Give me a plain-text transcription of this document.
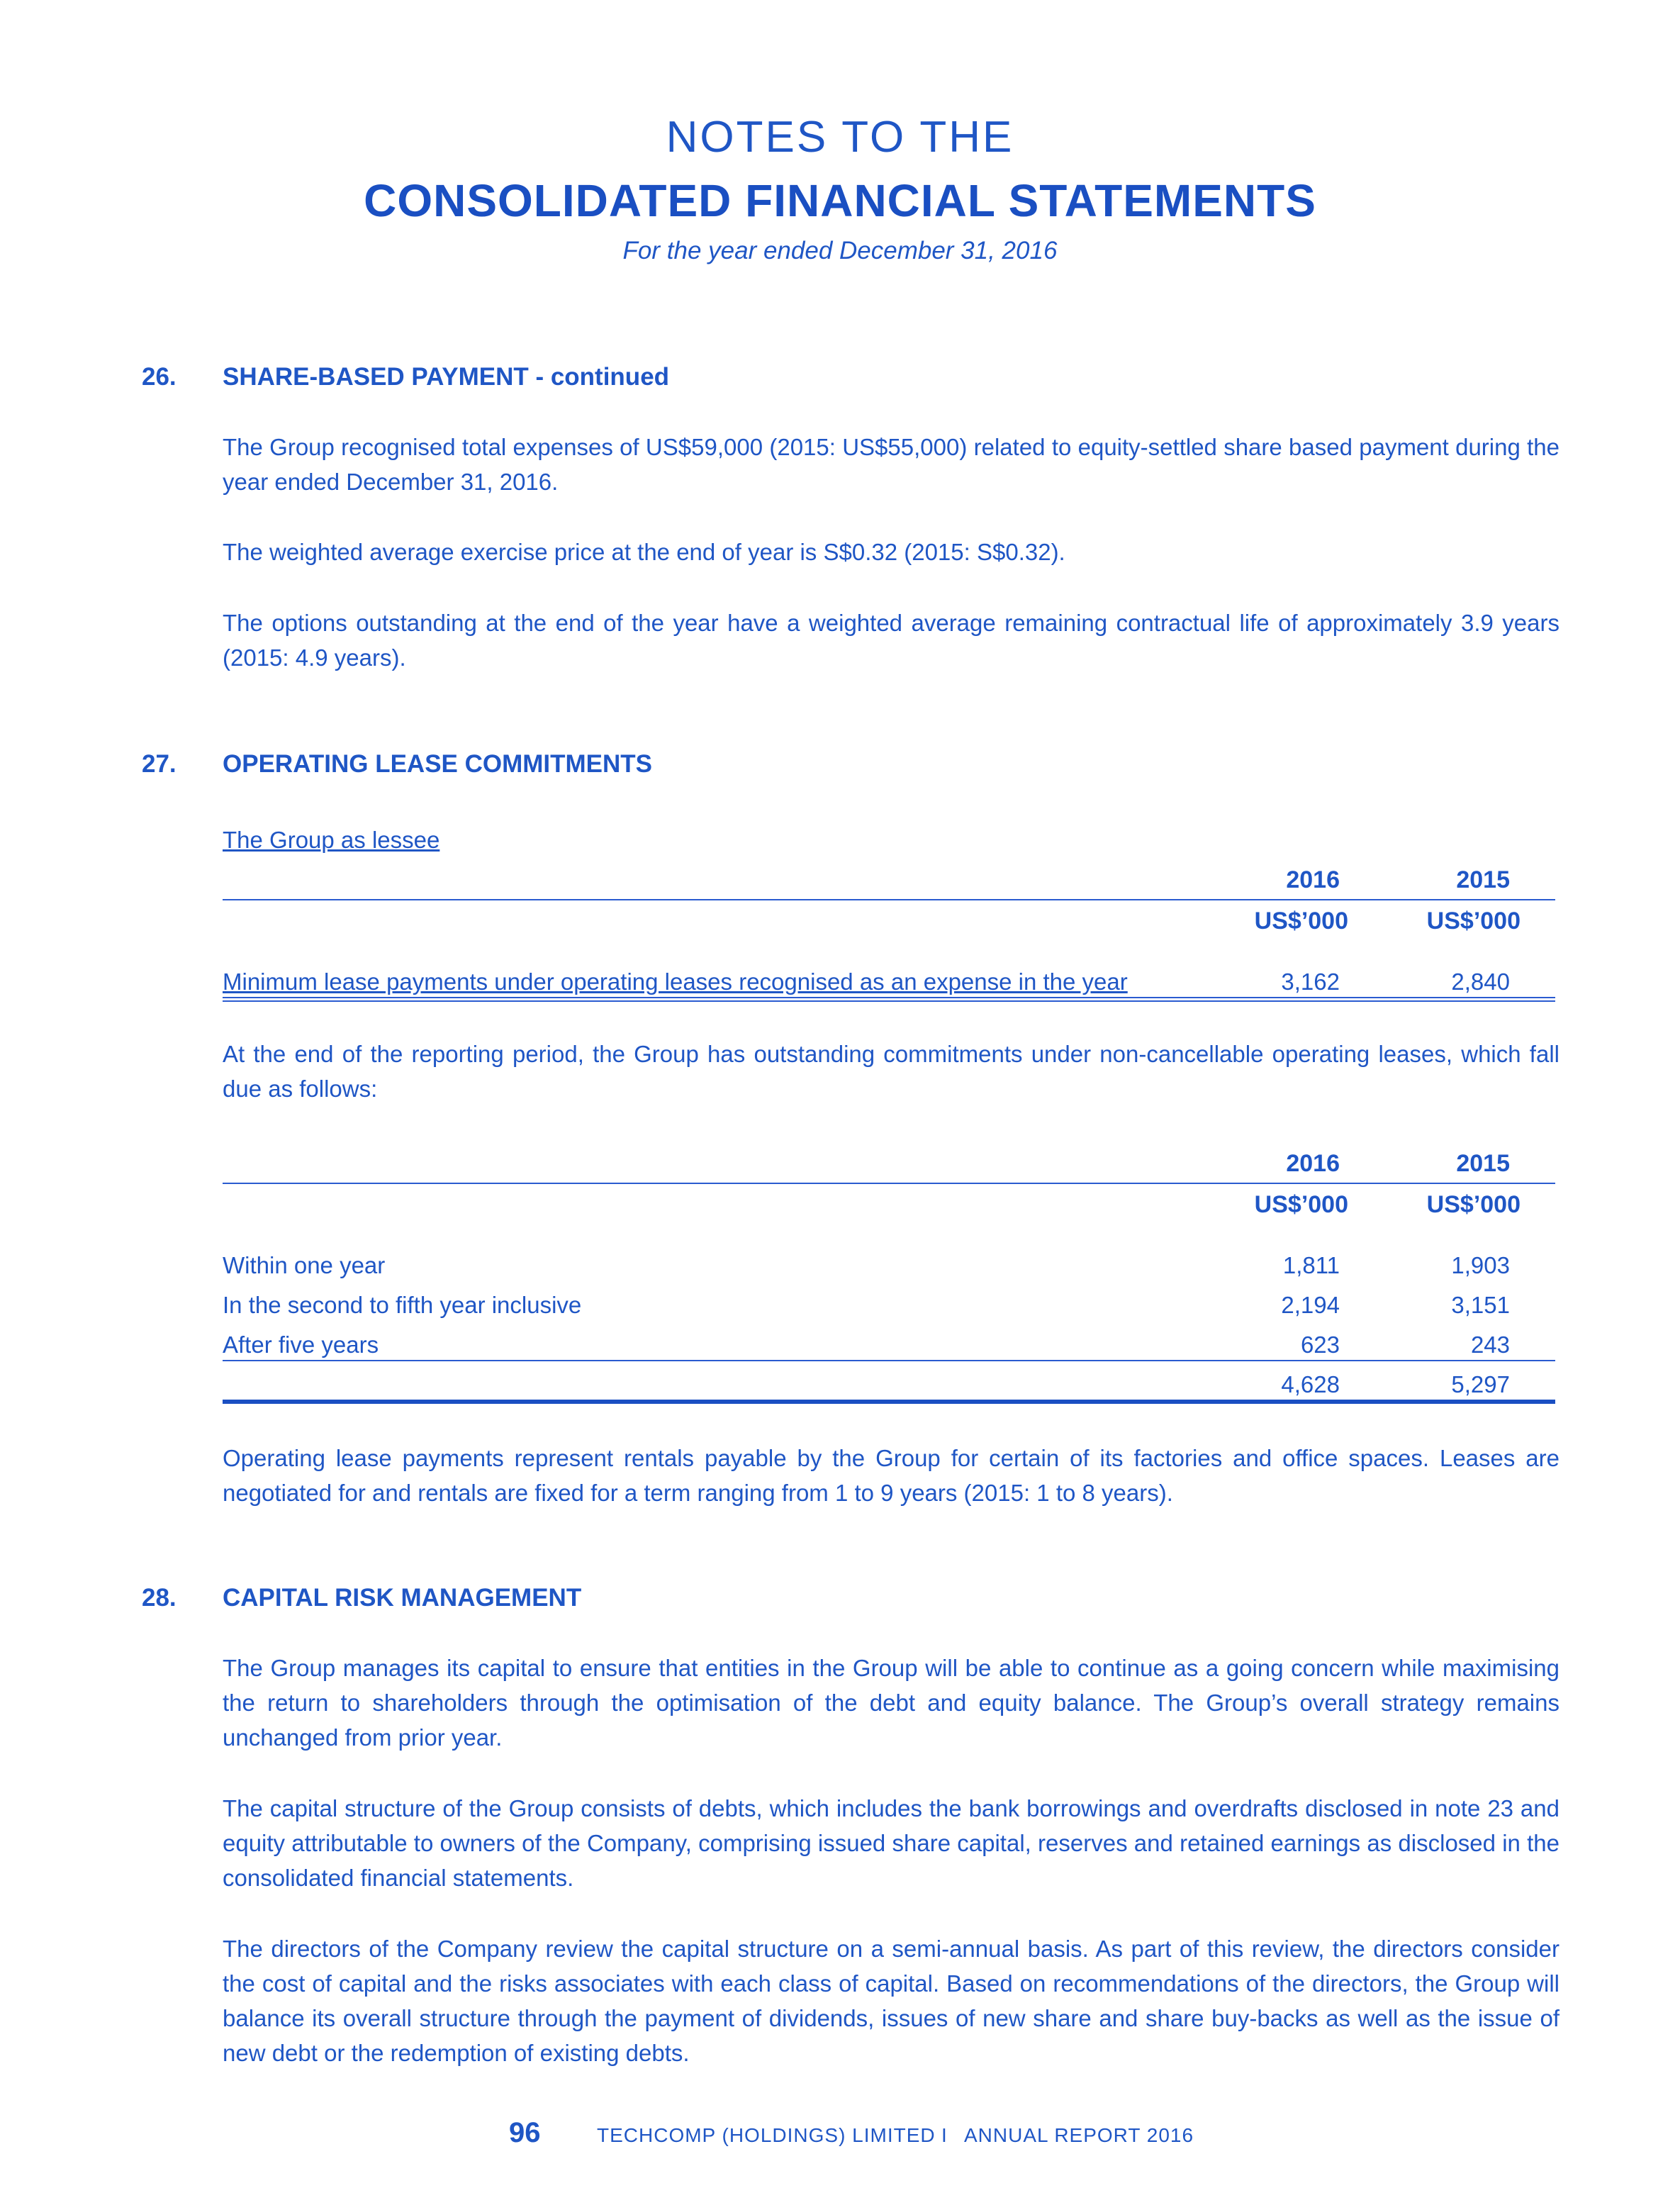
NOTES TO THE
CONSOLIDATED FINANCIAL STATEMENTS
For the year ended December 31, 2016
26. SHARE-BASED PAYMENT - continued

The Group recognised total expenses of US$59,000 (2015: US$55,000) related to equity-settled share based payment during the year ended December 31, 2016.

The weighted average exercise price at the end of year is S$0.32 (2015: S$0.32).

The options outstanding at the end of the year have a weighted average remaining contractual life of approximately 3.9 years (2015: 4.9 years).

27. OPERATING LEASE COMMITMENTS
The Group as lessee
2016	2015
US$’000	US$’000
Minimum lease payments under operating leases recognised as an expense in the year	3,162	2,840

At the end of the reporting period, the Group has outstanding commitments under non-cancellable operating leases, which fall due as follows:

2016	2015
US$’000	US$’000
Within one year	1,811	1,903
In the second to fifth year inclusive	2,194	3,151
After five years	623	243
4,628	5,297

Operating lease payments represent rentals payable by the Group for certain of its factories and office spaces. Leases are negotiated for and rentals are fixed for a term ranging from 1 to 9 years (2015: 1 to 8 years).

28. CAPITAL RISK MANAGEMENT

The Group manages its capital to ensure that entities in the Group will be able to continue as a going concern while maximising the return to shareholders through the optimisation of the debt and equity balance. The Group’s overall strategy remains unchanged from prior year.

The capital structure of the Group consists of debts, which includes the bank borrowings and overdrafts disclosed in note 23 and equity attributable to owners of the Company, comprising issued share capital, reserves and retained earnings as disclosed in the consolidated financial statements.

The directors of the Company review the capital structure on a semi-annual basis. As part of this review, the directors consider the cost of capital and the risks associates with each class of capital. Based on recommendations of the directors, the Group will balance its overall structure through the payment of dividends, issues of new share and share buy-backs as well as the issue of new debt or the redemption of existing debts.

96	TECHCOMP (HOLDINGS) LIMITED I ANNUAL REPORT 2016
